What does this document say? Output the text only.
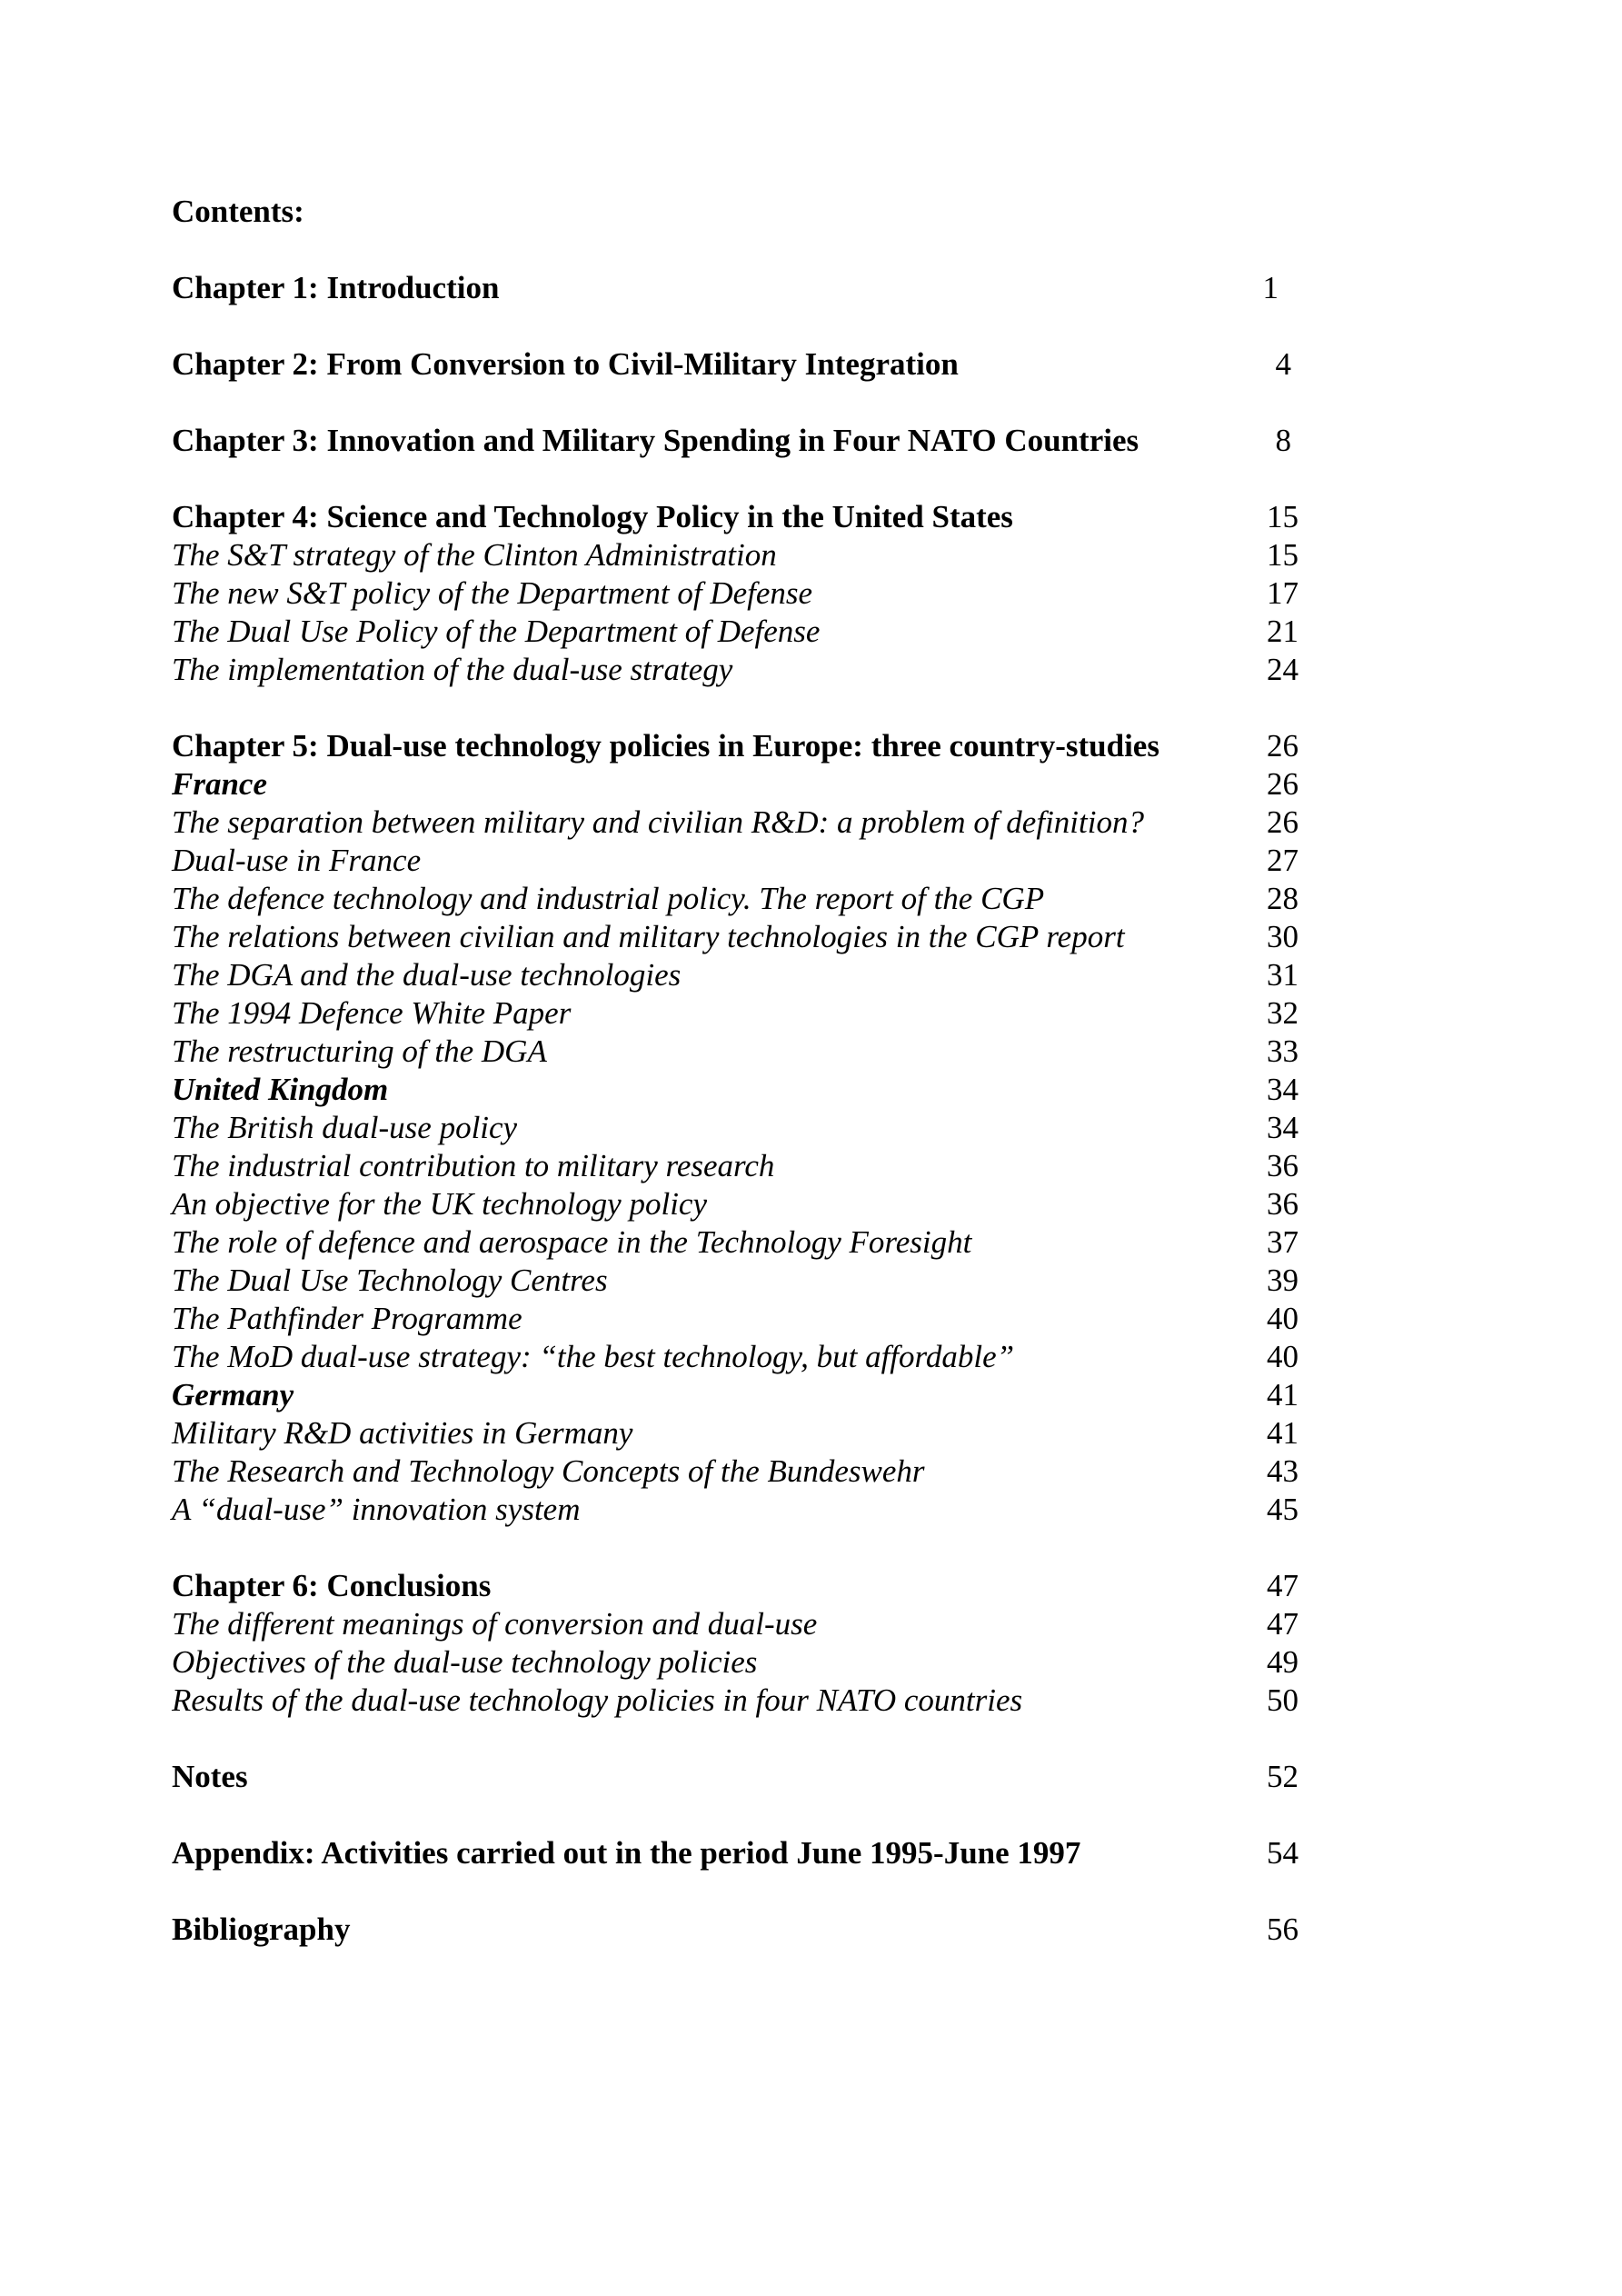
Contents:
Chapter 1: Introduction	1
Chapter 2: From Conversion to Civil-Military Integration	4
Chapter 3: Innovation and Military Spending in Four NATO Countries	8
Chapter 4: Science and Technology Policy in the United States	15
The S&T strategy of the Clinton Administration	15
The new S&T policy of the Department of Defense	17
The Dual Use Policy of the Department of Defense	21
The implementation of the dual-use strategy	24
Chapter 5: Dual-use technology policies in Europe: three country-studies	26
France	26
The separation between military and civilian R&D: a problem of definition?	26
Dual-use in France	27
The defence technology and industrial policy. The report of the CGP	28
The relations between civilian and military technologies in the CGP report	30
The DGA and the dual-use technologies	31
The 1994 Defence White Paper	32
The restructuring of the DGA	33
United Kingdom	34
The British dual-use policy	34
The industrial contribution to military research	36
An objective for the UK technology policy	36
The role of defence and aerospace in the Technology Foresight	37
The Dual Use Technology Centres	39
The Pathfinder Programme	40
The MoD dual-use strategy: “the best technology, but affordable”	40
Germany	41
Military R&D activities in Germany	41
The Research and Technology Concepts of the Bundeswehr	43
A “dual-use” innovation system	45
Chapter 6: Conclusions	47
The different meanings of conversion and dual-use	47
Objectives of the dual-use technology policies	49
Results of the dual-use technology policies in four NATO countries	50
Notes	52
Appendix: Activities carried out in the period June 1995-June 1997	54
Bibliography	56
